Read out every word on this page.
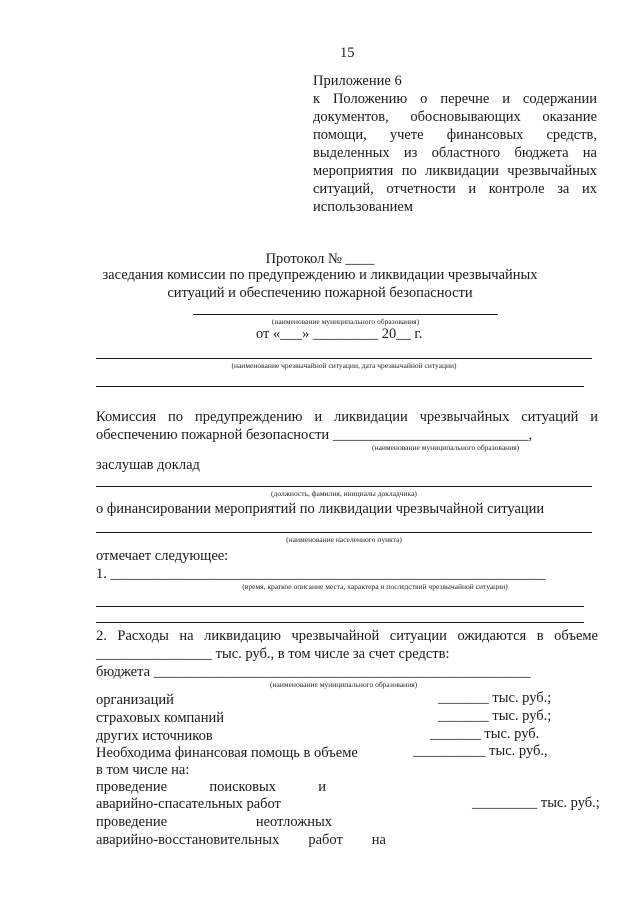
15
Приложение 6
к Положению о перечне и содержании
документов, обосновывающих оказание
помощи, учете финансовых средств,
выделенных из областного бюджета на
мероприятия по ликвидации чрезвычайных
ситуаций, отчетности и контроле за их
использованием
Протокол № ____
заседания комиссии по предупреждению и ликвидации чрезвычайных
ситуаций и обеспечению пожарной безопасности
(наименование муниципального образования)
от «___» _________ 20__ г.
(наименование чрезвычайной ситуации, дата чрезвычайной ситуации)
Комиссия по предупреждению и ликвидации чрезвычайных ситуаций и
обеспечению пожарной безопасности ___________________________,
(наименование муниципального образования)
заслушав доклад
(должность, фамилия, инициалы докладчика)
о финансировании мероприятий по ликвидации чрезвычайной ситуации
(наименование населенного пункта)
отмечает следующее:
1. ____________________________________________________________
(время, краткое описание места, характера и последствий чрезвычайной ситуации)
2. Расходы на ликвидацию чрезвычайной ситуации ожидаются в объеме
________________ тыс. руб., в том числе за счет средств:
бюджета ____________________________________________________
(наименование муниципального образования)
организаций	_______ тыс. руб.;
страховых компаний	_______ тыс. руб.;
других источников	_______ тыс. руб.
Необходима финансовая помощь в объеме	__________ тыс. руб.,
в том числе на:
проведение поисковых и
аварийно-спасательных работ	_________ тыс. руб.;
проведение неотложных
аварийно-восстановительных работ на
